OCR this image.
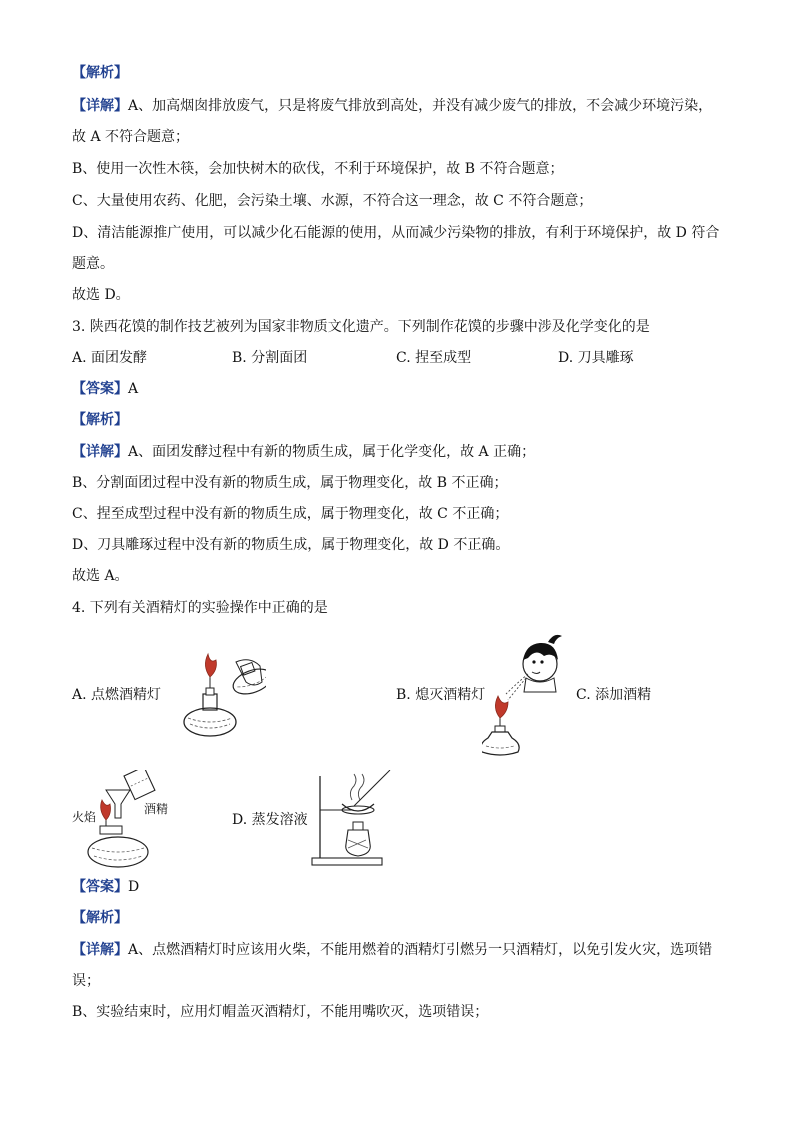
【解析】
【详解】A、加高烟囱排放废气，只是将废气排放到高处，并没有减少废气的排放，不会减少环境污染，
故 A 不符合题意；
B、使用一次性木筷，会加快树木的砍伐，不利于环境保护，故 B 不符合题意；
C、大量使用农药、化肥，会污染土壤、水源，不符合这一理念，故 C 不符合题意；
D、清洁能源推广使用，可以减少化石能源的使用，从而减少污染物的排放，有利于环境保护，故 D 符合
题意。
故选 D。
3. 陕西花馍的制作技艺被列为国家非物质文化遗产。下列制作花馍的步骤中涉及化学变化的是
A. 面团发酵	B. 分割面团	C. 捏至成型	D. 刀具雕琢
【答案】A
【解析】
【详解】A、面团发酵过程中有新的物质生成，属于化学变化，故 A 正确；
B、分割面团过程中没有新的物质生成，属于物理变化，故 B 不正确；
C、捏至成型过程中没有新的物质生成，属于物理变化，故 C 不正确；
D、刀具雕琢过程中没有新的物质生成，属于物理变化，故 D 不正确。
故选 A。
4. 下列有关酒精灯的实验操作中正确的是
A. 点燃酒精灯	B. 熄灭酒精灯	C. 添加酒精
火焰
酒精
D. 蒸发溶液
【答案】D
【解析】
【详解】A、点燃酒精灯时应该用火柴，不能用燃着的酒精灯引燃另一只酒精灯，以免引发火灾，选项错
误；
B、实验结束时，应用灯帽盖灭酒精灯，不能用嘴吹灭，选项错误；
